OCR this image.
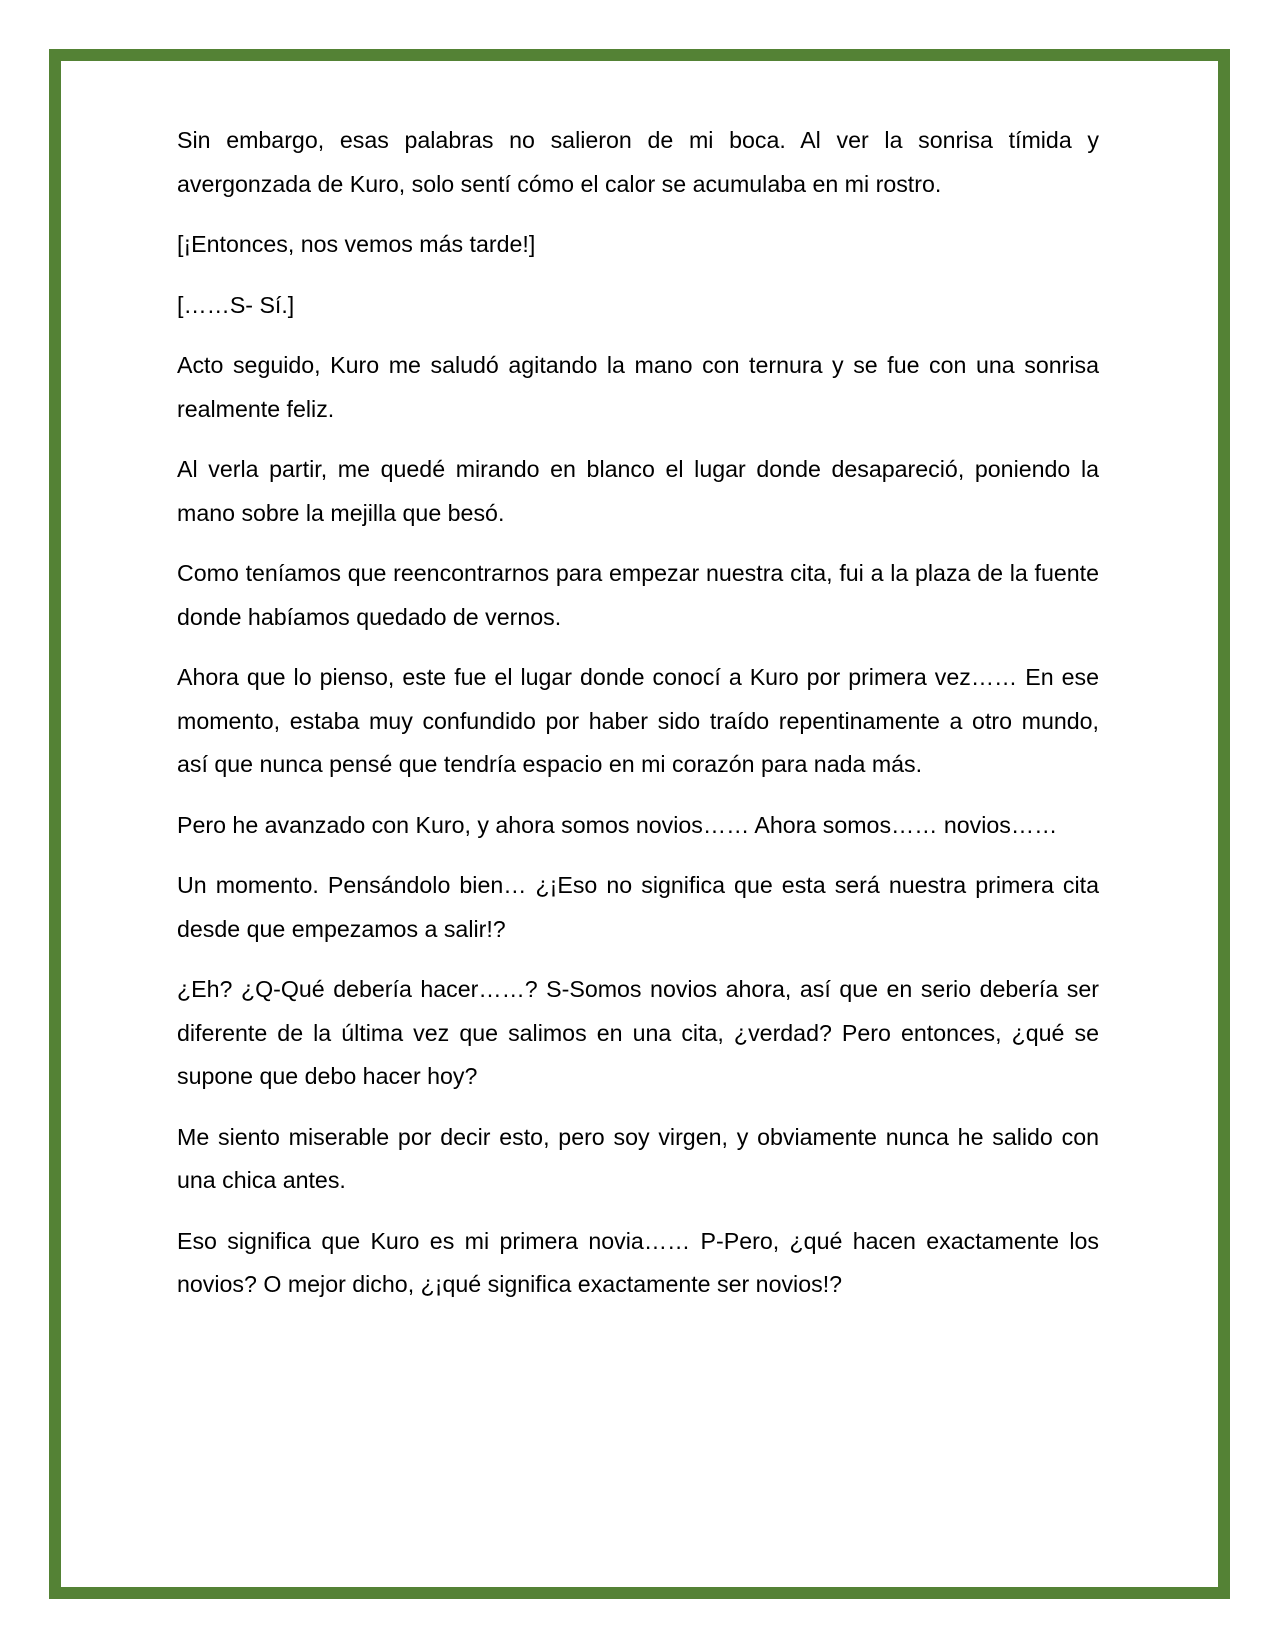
Sin embargo, esas palabras no salieron de mi boca. Al ver la sonrisa tímida y avergonzada de Kuro, solo sentí cómo el calor se acumulaba en mi rostro.

[¡Entonces, nos vemos más tarde!]

[……S- Sí.]

Acto seguido, Kuro me saludó agitando la mano con ternura y se fue con una sonrisa realmente feliz.

Al verla partir, me quedé mirando en blanco el lugar donde desapareció, poniendo la mano sobre la mejilla que besó.

Como teníamos que reencontrarnos para empezar nuestra cita, fui a la plaza de la fuente donde habíamos quedado de vernos.

Ahora que lo pienso, este fue el lugar donde conocí a Kuro por primera vez…… En ese momento, estaba muy confundido por haber sido traído repentinamente a otro mundo, así que nunca pensé que tendría espacio en mi corazón para nada más.

Pero he avanzado con Kuro, y ahora somos novios…… Ahora somos…… novios……

Un momento. Pensándolo bien… ¿¡Eso no significa que esta será nuestra primera cita desde que empezamos a salir!?

¿Eh? ¿Q-Qué debería hacer……? S-Somos novios ahora, así que en serio debería ser diferente de la última vez que salimos en una cita, ¿verdad? Pero entonces, ¿qué se supone que debo hacer hoy?

Me siento miserable por decir esto, pero soy virgen, y obviamente nunca he salido con una chica antes.

Eso significa que Kuro es mi primera novia…… P-Pero, ¿qué hacen exactamente los novios? O mejor dicho, ¿¡qué significa exactamente ser novios!?
